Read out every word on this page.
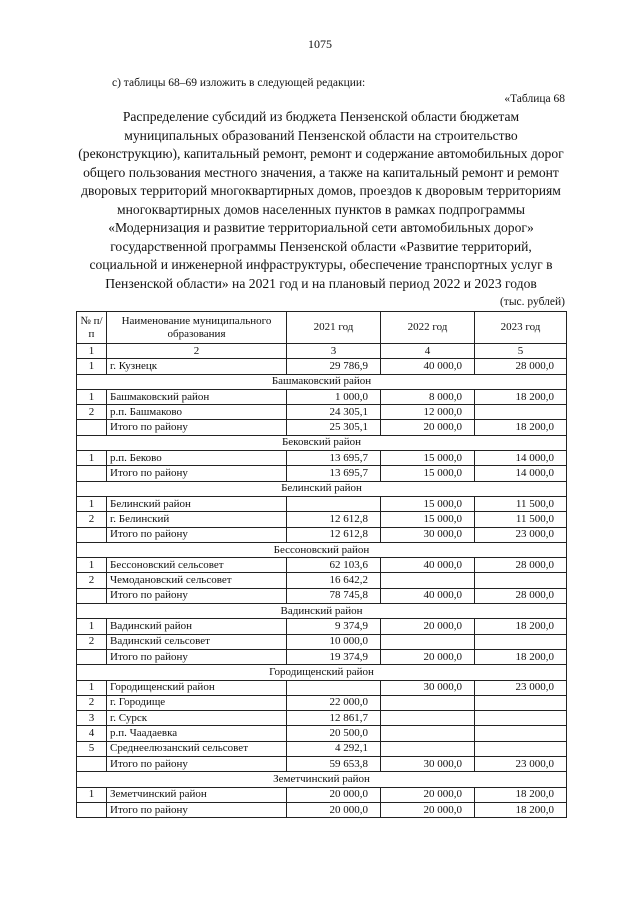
1075
с) таблицы 68–69 изложить в следующей редакции:
«Таблица 68
Распределение субсидий из бюджета Пензенской области бюджетам муниципальных образований Пензенской области на строительство (реконструкцию), капитальный ремонт, ремонт и содержание автомобильных дорог общего пользования местного значения, а также на капитальный ремонт и ремонт дворовых территорий многоквартирных домов, проездов к дворовым территориям многоквартирных домов населенных пунктов в рамках подпрограммы «Модернизация и развитие территориальной сети автомобильных дорог» государственной программы Пензенской области «Развитие территорий, социальной и инженерной инфраструктуры, обеспечение транспортных услуг в Пензенской области» на 2021 год и на плановый период 2022 и 2023 годов
(тыс. рублей)
№ п/п	Наименование муниципального образования	2021 год	2022 год	2023 год
1	2	3	4	5
1	г. Кузнецк	29 786,9	40 000,0	28 000,0
Башмаковский район				
1	Башмаковский район	1 000,0	8 000,0	18 200,0
2	р.п. Башмаково	24 305,1	12 000,0	
	Итого по району	25 305,1	20 000,0	18 200,0
Бековский район				
1	р.п. Беково	13 695,7	15 000,0	14 000,0
	Итого по району	13 695,7	15 000,0	14 000,0
Белинский район				
1	Белинский район		15 000,0	11 500,0
2	г. Белинский	12 612,8	15 000,0	11 500,0
	Итого по району	12 612,8	30 000,0	23 000,0
Бессоновский район				
1	Бессоновский сельсовет	62 103,6	40 000,0	28 000,0
2	Чемодановский сельсовет	16 642,2		
	Итого по району	78 745,8	40 000,0	28 000,0
Вадинский район				
1	Вадинский район	9 374,9	20 000,0	18 200,0
2	Вадинский сельсовет	10 000,0		
	Итого по району	19 374,9	20 000,0	18 200,0
Городищенский район				
1	Городищенский район		30 000,0	23 000,0
2	г. Городище	22 000,0		
3	г. Сурск	12 861,7		
4	р.п. Чаадаевка	20 500,0		
5	Среднеелюзанский сельсовет	4 292,1		
	Итого по району	59 653,8	30 000,0	23 000,0
Земетчинский район				
1	Земетчинский район	20 000,0	20 000,0	18 200,0
	Итого по району	20 000,0	20 000,0	18 200,0
